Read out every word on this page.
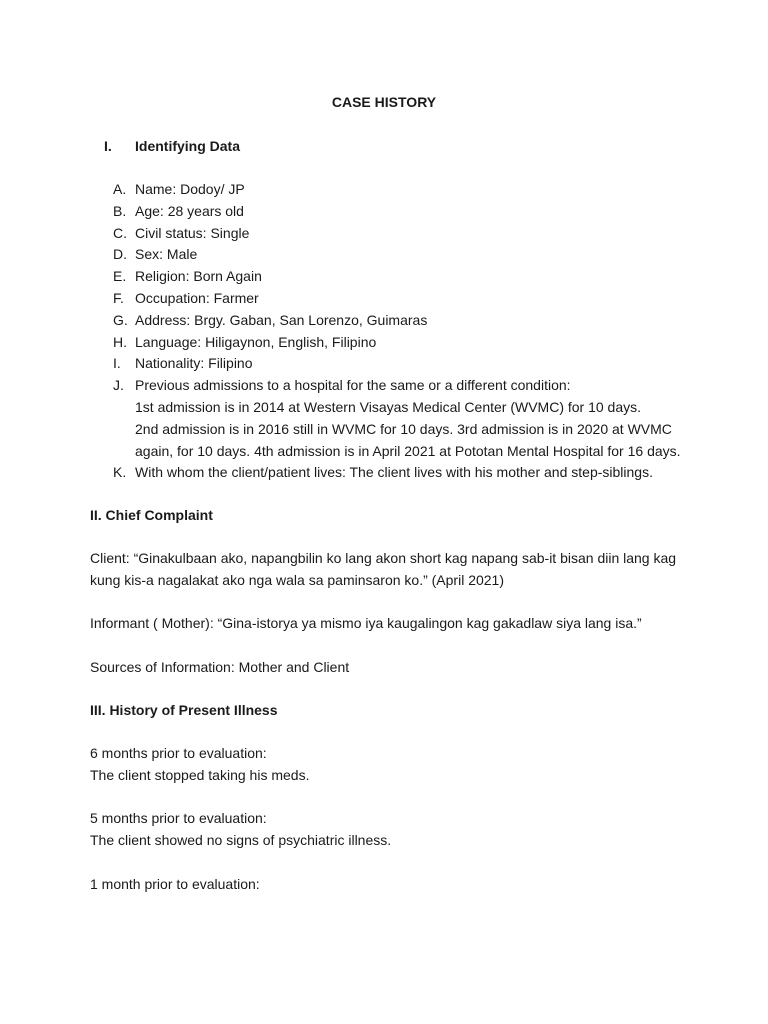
CASE HISTORY
I. Identifying Data
A. Name: Dodoy/ JP
B. Age: 28 years old
C. Civil status: Single
D. Sex: Male
E. Religion: Born Again
F. Occupation: Farmer
G. Address: Brgy. Gaban, San Lorenzo, Guimaras
H. Language: Hiligaynon, English, Filipino
I. Nationality: Filipino
J. Previous admissions to a hospital for the same or a different condition:
1st admission is in 2014 at Western Visayas Medical Center (WVMC) for 10 days.
2nd admission is in 2016 still in WVMC for 10 days. 3rd admission is in 2020 at WVMC
again, for 10 days. 4th admission is in April 2021 at Pototan Mental Hospital for 16 days.
K. With whom the client/patient lives: The client lives with his mother and step-siblings.
II. Chief Complaint

Client: “Ginakulbaan ako, napangbilin ko lang akon short kag napang sab-it bisan diin lang kag
kung kis-a nagalakat ako nga wala sa paminsaron ko.” (April 2021)

Informant ( Mother): “Gina-istorya ya mismo iya kaugalingon kag gakadlaw siya lang isa.”

Sources of Information: Mother and Client

III. History of Present Illness

6 months prior to evaluation:
The client stopped taking his meds.

5 months prior to evaluation:
The client showed no signs of psychiatric illness.

1 month prior to evaluation:
